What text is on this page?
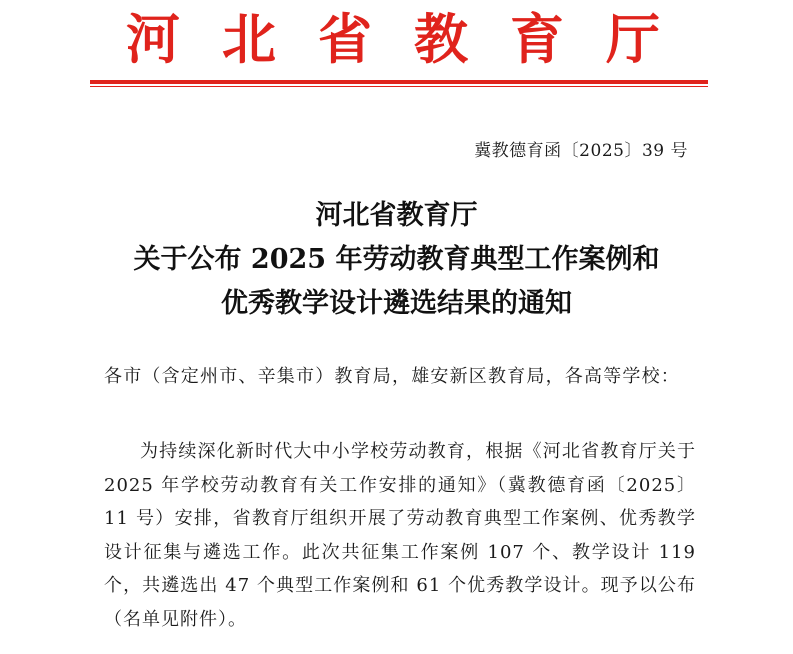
河 北 省 教 育 厅
冀教德育函〔2025〕39 号
河北省教育厅
关于公布 2025 年劳动教育典型工作案例和
优秀教学设计遴选结果的通知
各市（含定州市、辛集市）教育局，雄安新区教育局，各高等学校：
为持续深化新时代大中小学校劳动教育，根据《河北省教育厅关于 2025 年学校劳动教育有关工作安排的通知》（冀教德育函〔2025〕11 号）安排，省教育厅组织开展了劳动教育典型工作案例、优秀教学设计征集与遴选工作。此次共征集工作案例 107 个、教学设计 119 个，共遴选出 47 个典型工作案例和 61 个优秀教学设计。现予以公布（名单见附件）。
